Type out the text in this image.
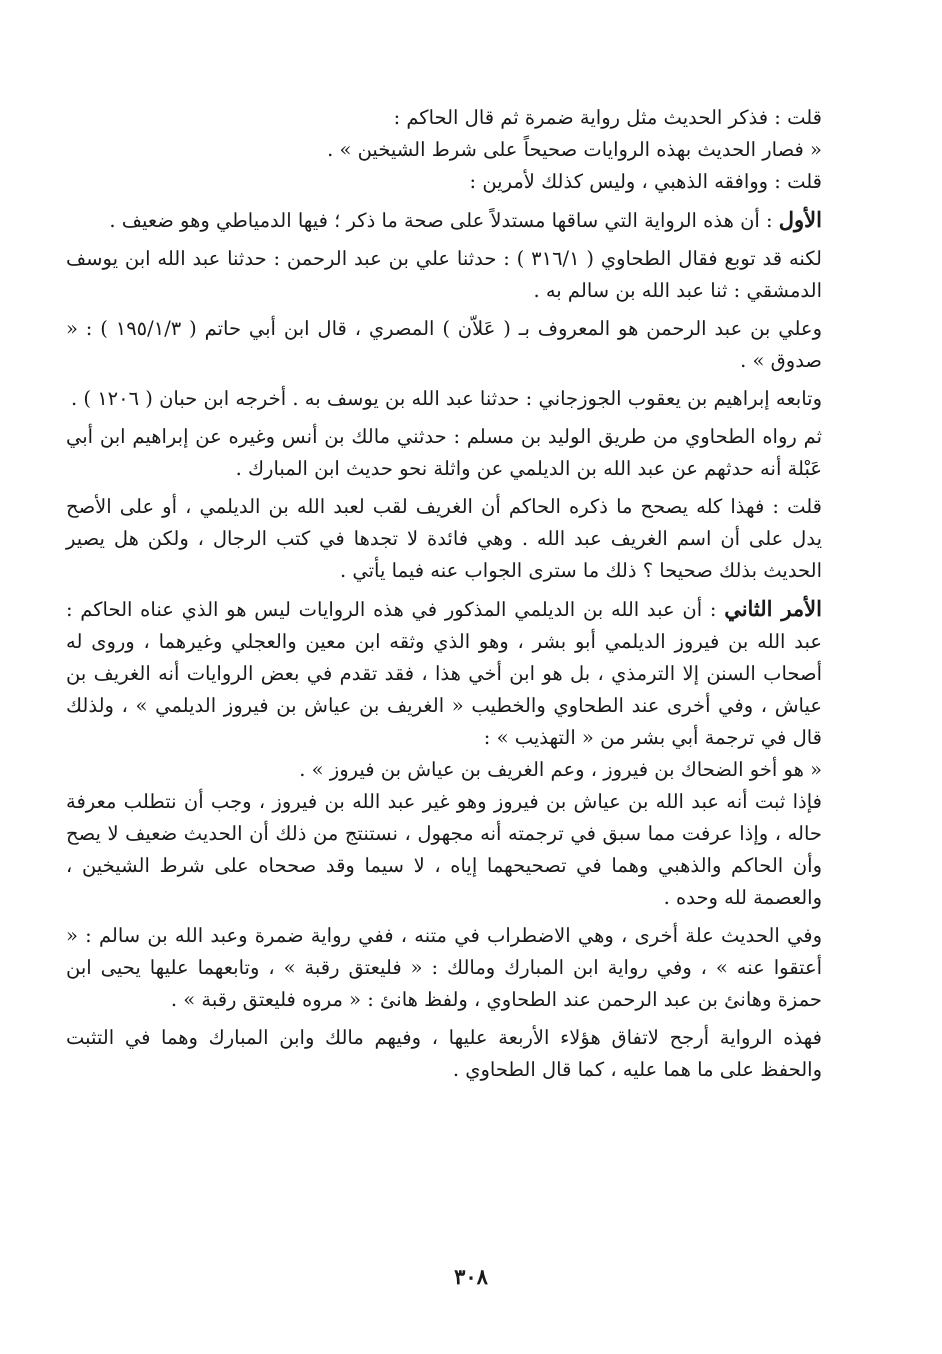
قلت : فذكر الحديث مثل رواية ضمرة ثم قال الحاكم :

« فصار الحديث بهذه الروايات صحيحاً على شرط الشيخين » .

قلت : ووافقه الذهبي ، وليس كذلك لأمرين :

الأول : أن هذه الرواية التي ساقها مستدلاً على صحة ما ذكر ؛ فيها الدمياطي وهو ضعيف .

لكنه قد توبع فقال الطحاوي ( ٣١٦/١ ) : حدثنا علي بن عبد الرحمن : حدثنا عبد الله ابن يوسف الدمشقي : ثنا عبد الله بن سالم به .

وعلي بن عبد الرحمن هو المعروف بـ ( عَلاّن ) المصري ، قال ابن أبي حاتم ( ١٩٥/١/٣ ) : « صدوق » .

وتابعه إبراهيم بن يعقوب الجوزجاني : حدثنا عبد الله بن يوسف به . أخرجه ابن حبان ( ١٢٠٦ ) .

ثم رواه الطحاوي من طريق الوليد بن مسلم : حدثني مالك بن أنس وغيره عن إبراهيم ابن أبي عَبْلة أنه حدثهم عن عبد الله بن الديلمي عن واثلة نحو حديث ابن المبارك .

قلت : فهذا كله يصحح ما ذكره الحاكم أن الغريف لقب لعبد الله بن الديلمي ، أو على الأصح يدل على أن اسم الغريف عبد الله . وهي فائدة لا تجدها في كتب الرجال ، ولكن هل يصير الحديث بذلك صحيحا ؟ ذلك ما سترى الجواب عنه فيما يأتي .

الأمر الثاني : أن عبد الله بن الديلمي المذكور في هذه الروايات ليس هو الذي عناه الحاكم : عبد الله بن فيروز الديلمي أبو بشر ، وهو الذي وثقه ابن معين والعجلي وغيرهما ، وروى له أصحاب السنن إلا الترمذي ، بل هو ابن أخي هذا ، فقد تقدم في بعض الروايات أنه الغريف بن عياش ، وفي أخرى عند الطحاوي والخطيب « الغريف بن عياش بن فيروز الديلمي » ، ولذلك قال في ترجمة أبي بشر من « التهذيب » :

« هو أخو الضحاك بن فيروز ، وعم الغريف بن عياش بن فيروز » .

فإذا ثبت أنه عبد الله بن عياش بن فيروز وهو غير عبد الله بن فيروز ، وجب أن نتطلب معرفة حاله ، وإذا عرفت مما سبق في ترجمته أنه مجهول ، نستنتج من ذلك أن الحديث ضعيف لا يصح وأن الحاكم والذهبي وهما في تصحيحهما إياه ، لا سيما وقد صححاه على شرط الشيخين ، والعصمة لله وحده .

وفي الحديث علة أخرى ، وهي الاضطراب في متنه ، ففي رواية ضمرة وعبد الله بن سالم : « أعتقوا عنه » ، وفي رواية ابن المبارك ومالك : « فليعتق رقبة » ، وتابعهما عليها يحيى ابن حمزة وهانئ بن عبد الرحمن عند الطحاوي ، ولفظ هانئ : « مروه فليعتق رقبة » .

فهذه الرواية أرجح لاتفاق هؤلاء الأربعة عليها ، وفيهم مالك وابن المبارك وهما في التثبت والحفظ على ما هما عليه ، كما قال الطحاوي .

٣٠٨
